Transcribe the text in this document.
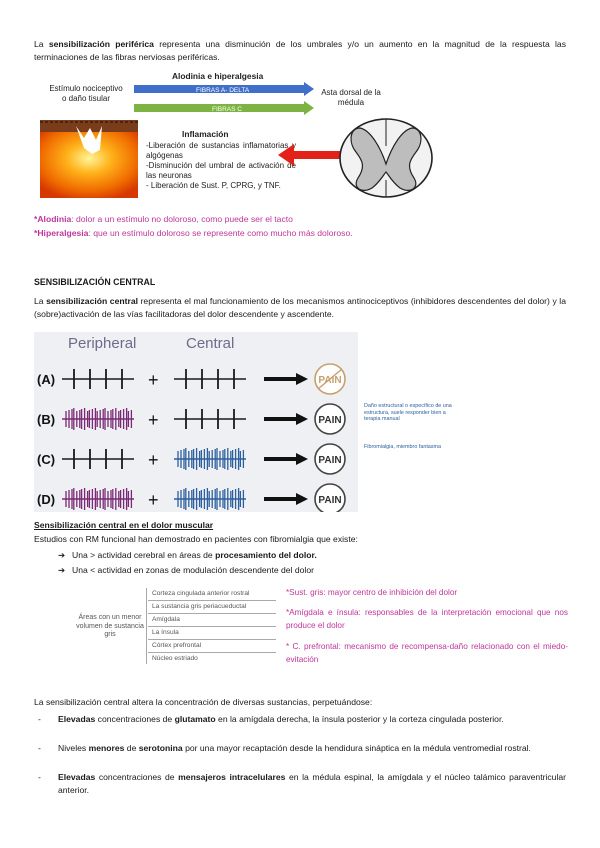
La sensibilización periférica representa una disminución de los umbrales y/o un aumento en la magnitud de la respuesta las terminaciones de las fibras nerviosas periféricas.

Alodinia e hiperalgesia
Estímulo nociceptivo o daño tisular
FIBRAS A- DELTA
FIBRAS C
Asta dorsal de la médula
Inflamación
-Liberación de sustancias inflamatorias y algógenas
-Disminución del umbral de activación de las neuronas
- Liberación de Sust. P, CPRG, y TNF.

*Alodinia: dolor a un estímulo no doloroso, como puede ser el tacto

*Hiperalgesia: que un estímulo doloroso se represente como mucho más doloroso.

SENSIBILIZACIÓN CENTRAL

La sensibilización central representa el mal funcionamiento de los mecanismos antinociceptivos (inhibidores descendentes del dolor) y la (sobre)activación de las vías facilitadoras del dolor descendente y ascendente.

Peripheral	Central
(A)	+	PAIN
(B)	+	PAIN
(C)	+	PAIN
(D)	+	PAIN
Daño estructural o específico de una estructura, suele responder bien a terapia manual
Fibromialgia, miembro fantasma
Sensibilización central en el dolor muscular
Estudios con RM funcional han demostrado en pacientes con fibromialgia que existe:
➔ Una > actividad cerebral en áreas de procesamiento del dolor.
➔ Una < actividad en zonas de modulación descendente del dolor
Áreas con un menor volumen de sustancia gris
Corteza cingulada anterior rostral
La sustancia gris periacueductal
Amígdala
La ínsula
Córtex prefrontal
Núcleo estriado
*Sust. gris: mayor centro de inhibición del dolor
*Amígdala e ínsula: responsables de la interpretación emocional que nos produce el dolor
* C. prefrontal: mecanismo de recompensa-daño relacionado con el miedo-evitación
La sensibilización central altera la concentración de diversas sustancias, perpetuándose:
- Elevadas concentraciones de glutamato en la amígdala derecha, la ínsula posterior y la corteza cingulada posterior.
- Niveles menores de serotonina por una mayor recaptación desde la hendidura sináptica en la médula ventromedial rostral.
- Elevadas concentraciones de mensajeros intracelulares en la médula espinal, la amígdala y el núcleo talámico paraventricular anterior.
